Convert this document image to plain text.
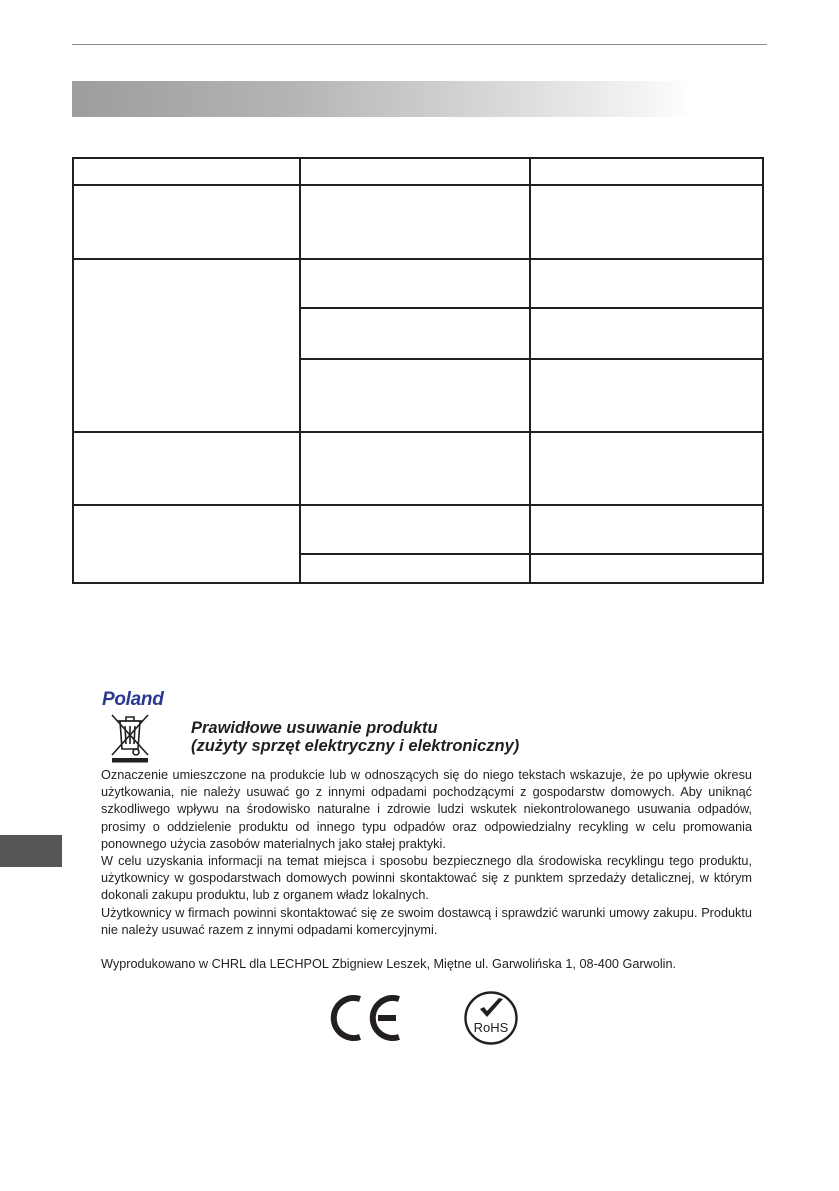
Poland

Prawidłowe usuwanie produktu
(zużyty sprzęt elektryczny i elektroniczny)

Oznaczenie umieszczone na produkcie lub w odnoszących się do niego tekstach wskazuje, że po upływie okresu użytkowania, nie należy usuwać go z innymi odpadami pochodzącymi z gospodarstw domowych. Aby uniknąć szkodliwego wpływu na środowisko naturalne i zdrowie ludzi wskutek niekontrolowanego usuwania odpadów, prosimy o oddzielenie produktu od innego typu odpadów oraz odpowiedzialny recykling w celu promowania ponownego użycia zasobów materialnych jako stałej praktyki.

W celu uzyskania informacji na temat miejsca i sposobu bezpiecznego dla środowiska recyklingu tego produktu, użytkownicy w gospodarstwach domowych powinni skontaktować się z punktem sprzedaży detalicznej, w którym dokonali zakupu produktu, lub z organem władz lokalnych.

Użytkownicy w firmach powinni skontaktować się ze swoim dostawcą i sprawdzić warunki umowy zakupu. Produktu nie należy usuwać razem z innymi odpadami komercyjnymi.

Wyprodukowano w CHRL dla LECHPOL Zbigniew Leszek, Miętne ul. Garwolińska 1, 08-400 Garwolin.

RoHS
